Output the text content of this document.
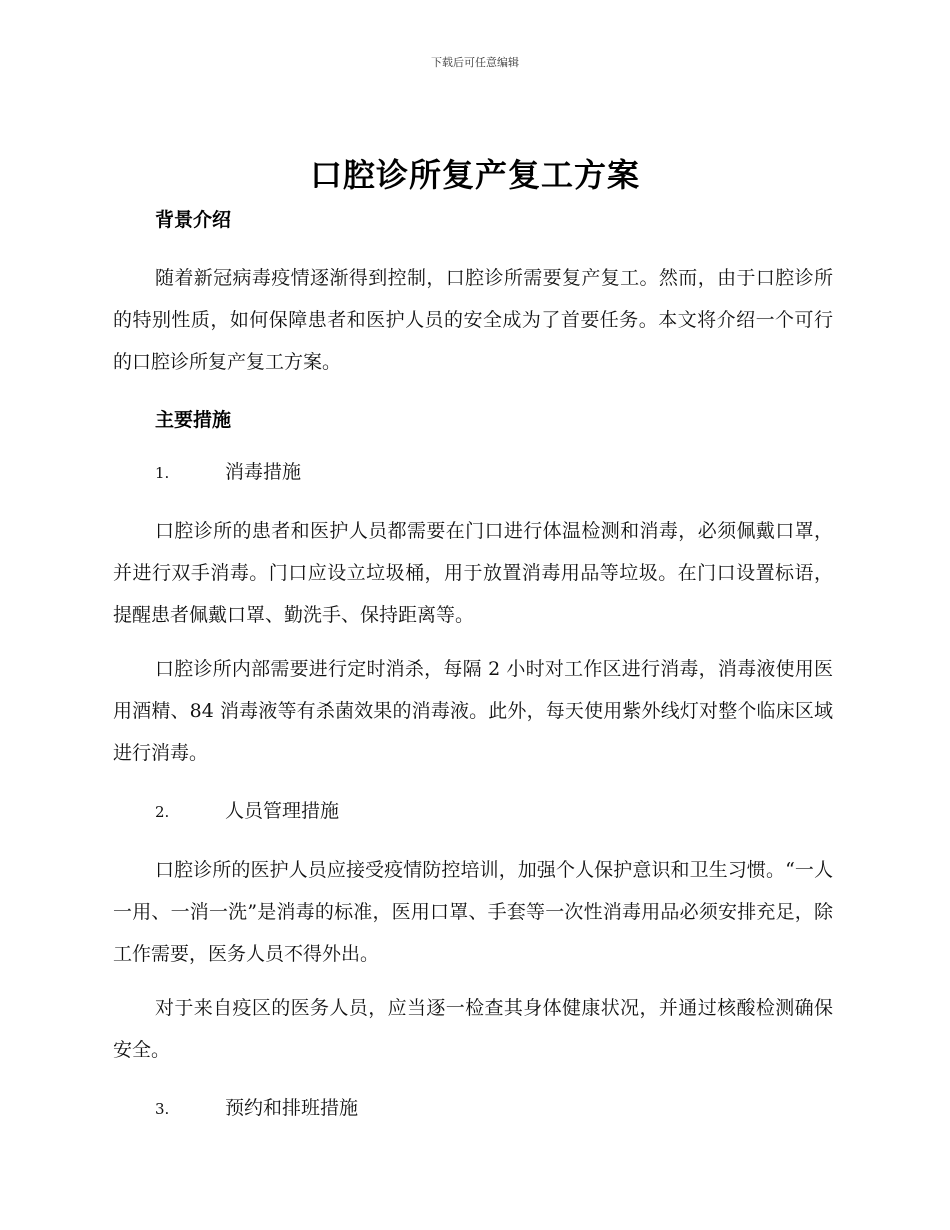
下载后可任意编辑
口腔诊所复产复工方案
背景介绍

随着新冠病毒疫情逐渐得到控制，口腔诊所需要复产复工。然而，由于口腔诊所的特别性质，如何保障患者和医护人员的安全成为了首要任务。本文将介绍一个可行的口腔诊所复产复工方案。

主要措施
1.	消毒措施

口腔诊所的患者和医护人员都需要在门口进行体温检测和消毒，必须佩戴口罩，并进行双手消毒。门口应设立垃圾桶，用于放置消毒用品等垃圾。在门口设置标语，提醒患者佩戴口罩、勤洗手、保持距离等。

口腔诊所内部需要进行定时消杀，每隔 2 小时对工作区进行消毒，消毒液使用医用酒精、84 消毒液等有杀菌效果的消毒液。此外，每天使用紫外线灯对整个临床区域进行消毒。

2.	人员管理措施

口腔诊所的医护人员应接受疫情防控培训，加强个人保护意识和卫生习惯。“一人一用、一消一洗”是消毒的标准，医用口罩、手套等一次性消毒用品必须安排充足，除工作需要，医务人员不得外出。

对于来自疫区的医务人员，应当逐一检查其身体健康状况，并通过核酸检测确保安全。

3.	预约和排班措施
